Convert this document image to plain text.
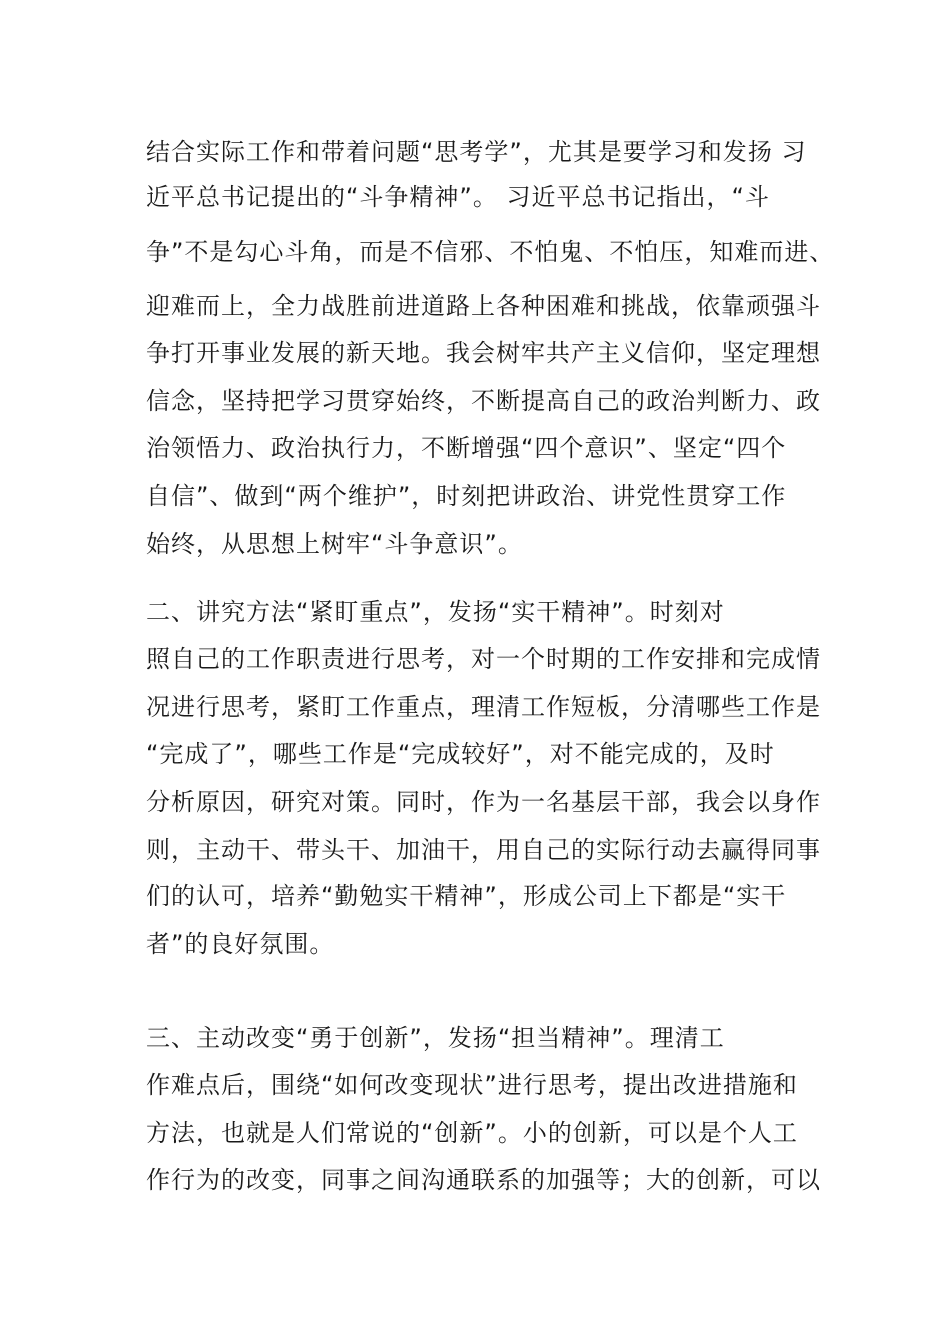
结合实际工作和带着问题“思考学”，尤其是要学习和发扬 习
近平总书记提出的“斗争精神”。 习近平总书记指出，“斗
争”不是勾心斗角，而是不信邪、不怕鬼、不怕压，知难而进、
迎难而上，全力战胜前进道路上各种困难和挑战，依靠顽强斗
争打开事业发展的新天地。我会树牢共产主义信仰，坚定理想
信念，坚持把学习贯穿始终，不断提高自己的政治判断力、政
治领悟力、政治执行力，不断增强“四个意识”、坚定“四个
自信”、做到“两个维护”，时刻把讲政治、讲党性贯穿工作
始终，从思想上树牢“斗争意识”。
二、讲究方法“紧盯重点”，发扬“实干精神”。时刻对
照自己的工作职责进行思考，对一个时期的工作安排和完成情
况进行思考，紧盯工作重点，理清工作短板，分清哪些工作是
“完成了”，哪些工作是“完成较好”，对不能完成的，及时
分析原因，研究对策。同时，作为一名基层干部，我会以身作
则，主动干、带头干、加油干，用自己的实际行动去赢得同事
们的认可，培养“勤勉实干精神”，形成公司上下都是“实干
者”的良好氛围。
三、主动改变“勇于创新”，发扬“担当精神”。理清工
作难点后，围绕“如何改变现状”进行思考，提出改进措施和
方法，也就是人们常说的“创新”。小的创新，可以是个人工
作行为的改变，同事之间沟通联系的加强等；大的创新，可以
